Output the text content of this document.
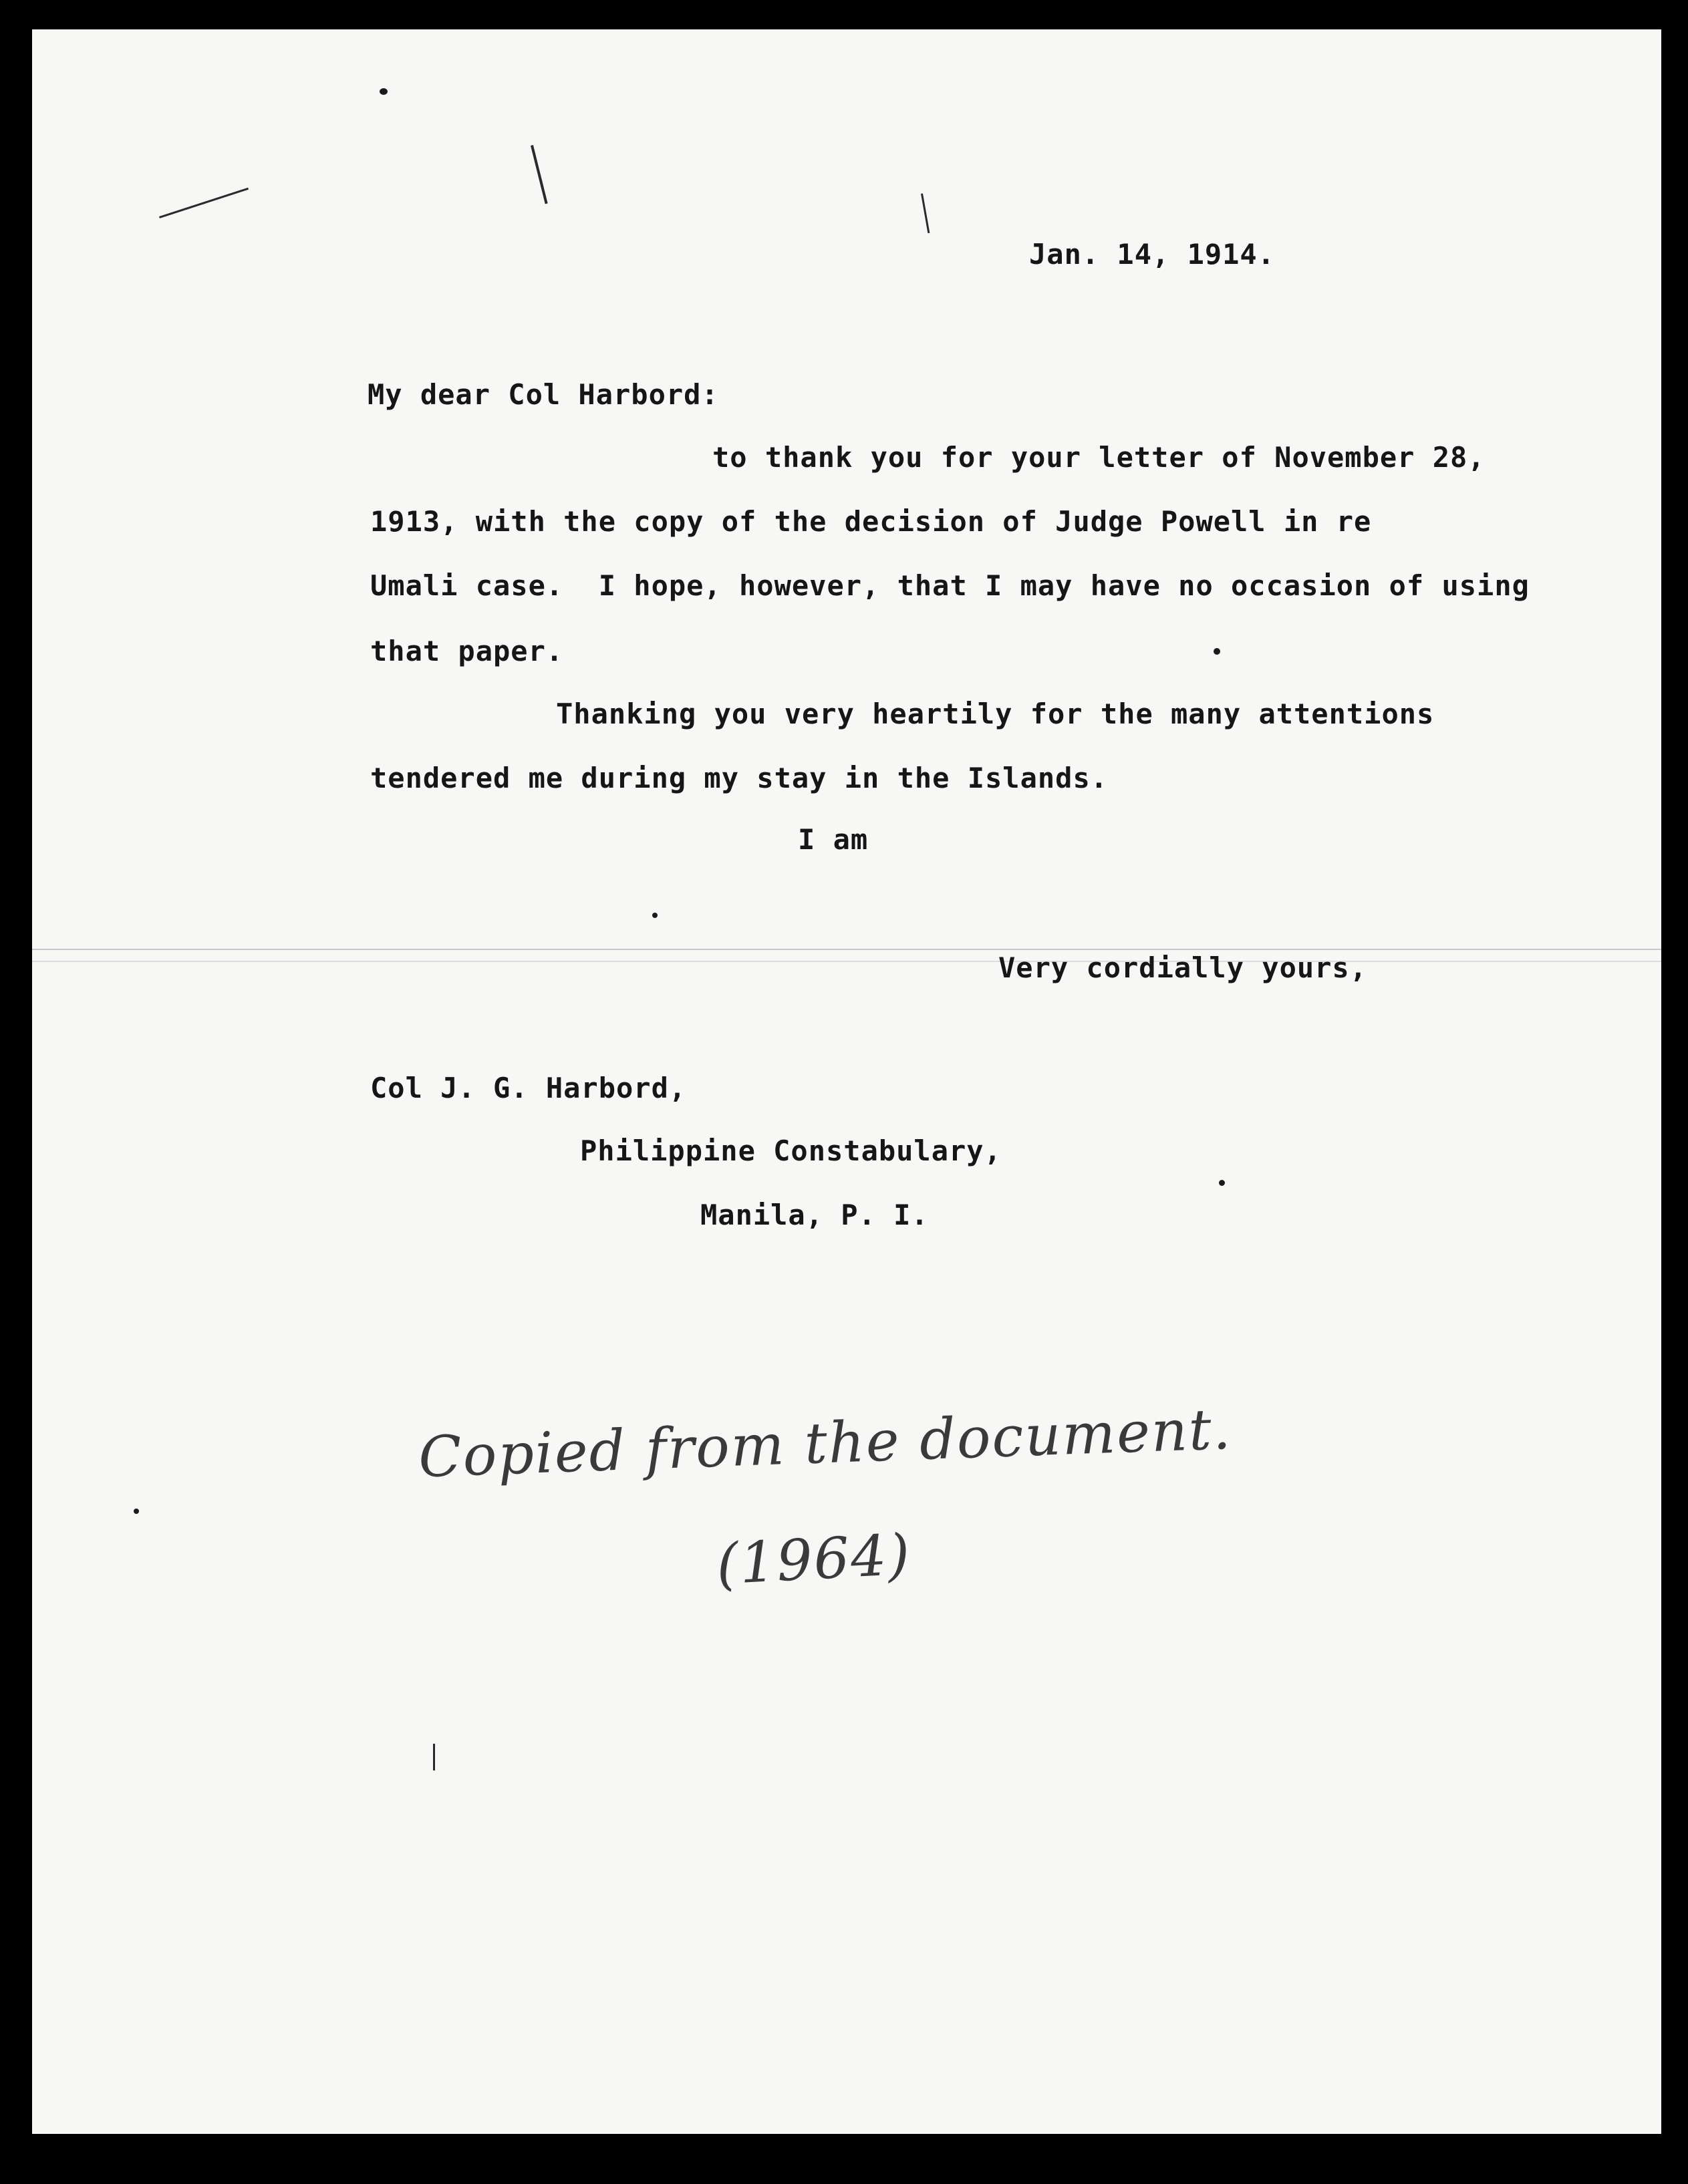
Jan. 14, 1914.

My dear Col Harbord:

to thank you for your letter of November 28,

1913, with the copy of the decision of Judge Powell in re

Umali case.  I hope, however, that I may have no occasion of using

that paper.

Thanking you very heartily for the many attentions

tendered me during my stay in the Islands.

I am

Very cordially yours,

Col J. G. Harbord,

Philippine Constabulary,

Manila, P. I.

Copied from the document.

(1964)
